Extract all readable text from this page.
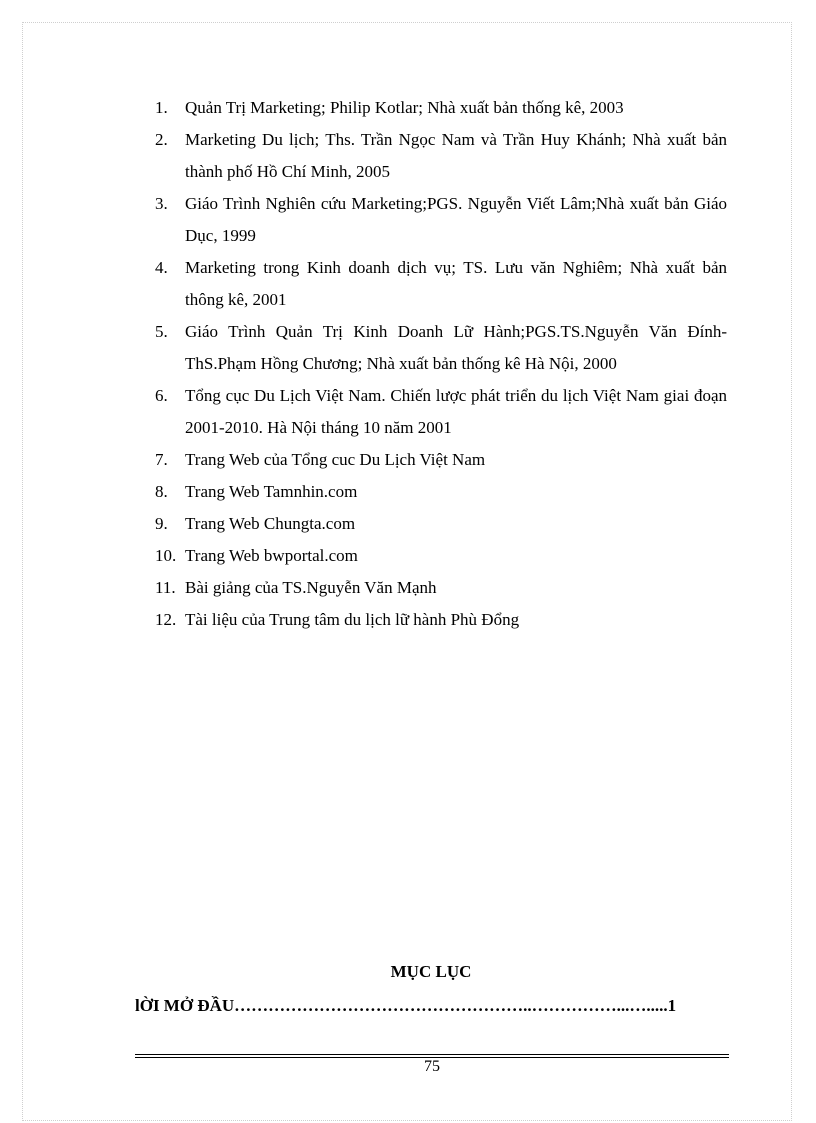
1.	Quản Trị Marketing; Philip Kotlar; Nhà xuất bản thống kê, 2003
2.	Marketing Du lịch; Ths. Trần Ngọc Nam và Trần Huy Khánh; Nhà xuất bản thành phố Hồ Chí Minh, 2005
3.	Giáo Trình Nghiên cứu Marketing;PGS. Nguyễn Viết Lâm;Nhà xuất bản Giáo Dục, 1999
4.	Marketing trong Kinh doanh dịch vụ; TS. Lưu văn Nghiêm; Nhà xuất bản thông kê, 2001
5.	Giáo Trình Quản Trị Kinh Doanh Lữ Hành;PGS.TS.Nguyễn Văn Đính- ThS.Phạm Hồng Chương; Nhà xuất bản thống kê Hà Nội, 2000
6.	Tổng cục Du Lịch Việt Nam. Chiến lược phát triển du lịch Việt Nam giai đoạn 2001-2010. Hà Nội tháng 10 năm 2001
7.	Trang Web của Tổng cuc Du Lịch Việt Nam
8.	Trang Web Tamnhin.com
9.	Trang Web Chungta.com
10. Trang Web bwportal.com
11. Bài giảng của TS.Nguyễn Văn Mạnh
12. Tài liệu của Trung tâm du lịch lữ hành Phù Đổng
MỤC LỤC
lỜI MỞ ĐẦU……………………………………………..……………...….....1
75
